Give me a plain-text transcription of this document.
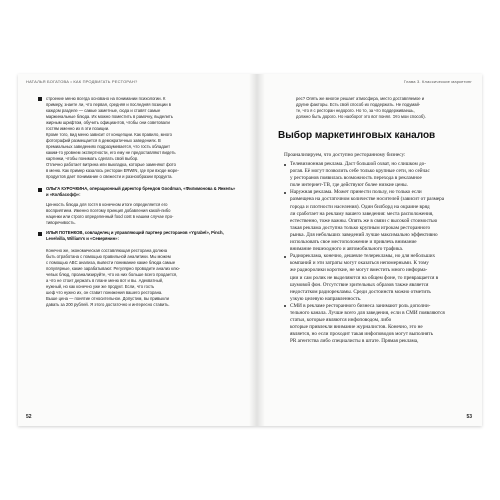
НАТАЛЬЯ БОГАТОВА • КАК ПРОДВИГАТЬ РЕСТОРАН?
строение меню всегда основано на понимании психологии. К
примеру, знаете ли, что первая, средняя и последняя позиции в
каждом разделе — самые заметные, сюда и ставят самые
маржинальные блюда. Их можно поместить в рамочку, выделить
жирным шрифтом, обучить официантов, чтобы они советовали
гостям именно их в эти позиции.
Кроме того, вид меню зависит от концепции. Как правило, много
фотографий размещается в демократичных заведениях. В
премиальных заведениях подразумевается, что гость обладает
каким-то уровнем экспертности, его ему не предоставляют видеть
картинки, чтобы понимать сделать свой выбор.
Отлично работает витрина или выкладка, которые заменяют фото
в меню. Как пример казалось ресторан ERWIN, где при входе море-
продуктов дает понимание о свежести и разнообразии продукта.
ОЛЬГА КУРОЧКИНА, операционный директор брендов Goodman, «Филимонова & Янкель» и «Колбасофф»:
Ценность блюда для гостя в конечном итоге определяется его
восприятием. Именно поэтому принцип добавления какой-либо
наценки или строго определенный food cost в нашем случае про-
тиворечивость.
ИЛЬЯ ПОТЕНКОВ, совладелец и управляющий партнер ресторанов «Ygrabel», Pinch, Levelvilla, William's и «Северянин»:
Конечно же, экономическая составляющая ресторана должна
быть отработана с помощью правильной аналитики. Мы можем
с помощью ABC анализа, вывести понимание какие блюда самые
популярные, какие зарабатывают. Регулярно проводите анализ клю-
чевых блюд, проанализируйте, что из них больше всего продается,
а что не стоит держать в плане меню вот и вы. Адекватный,
нужный, но как конечно уже же продукт. Если, что гость
шеф что нужно их, он ставит понижения вашего ресторана.
Выше цена — понятие относительное. Допустим, вы привыкли
давать за 200 рублей. Я этого достаточно и интересно ставить.
52
Глава 3. Классические маркетинг
рес? Опять же многое решает атмосфера, место доставляемое и
другие факторы. Есть свой способ их поддержать. Не подумай-
те, что я с ресторан недорого. Но то, за что поддерживаешь,
должно быть дорого. Но наоборот это вот понял. Это мои способ).
Выбор маркетинговых каналов
Проанализируем, что доступно ресторанному бизнесу:
Телевизионная реклама. Даст большой охват, но слишком до-
рогая. Её могут позволить себе только крупные сети, но сейчас
у ресторанов появилась возможность перехода в рекламное
поле интернет-ТВ, где действуют более низкие цены.
Наружная реклама. Может принести пользу, но только если
размещена на достаточном количестве носителей (зависит от размера
города и плотности населения). Один билборд на окраине вряд
ли сработает на рекламу вашего заведения: места расположения,
естественно, тоже важны. Опять же в связи с высокой стоимостью
такая реклама доступна только крупным игрокам ресторанного
рынка. Для небольших заведений лучше максимально эффективно
использовать свое местоположение и привлечь внимание
внимание пешеходного и автомобильного трафика.
Радиореклама, конечно, дешевле телерекламы, но для небольших
компаний и эти затраты могут оказаться непомерными. К тому
же радиоролики короткие, не могут вместить много информа-
ции и сам ролик не выделяются на общем фоне, то превращается в
шумовой фон. Отсутствие зрительных образов также является
недостатком радиорекламы. Среди достоинств можно отметить
узкую целевую направленность.
СМИ в рекламе ресторанного бизнеса занимают роль дополни-
тельного канала. Лучше всего для заведения, если в СМИ появляются
статьи, которые являются инфоповодом, либо
которые привлекли внимание журналистов. Конечно, это не
является, но если проходит такая инфоповодов могут выполнять
PR агентства либо специалисты в штате. Прямая реклама,
53
